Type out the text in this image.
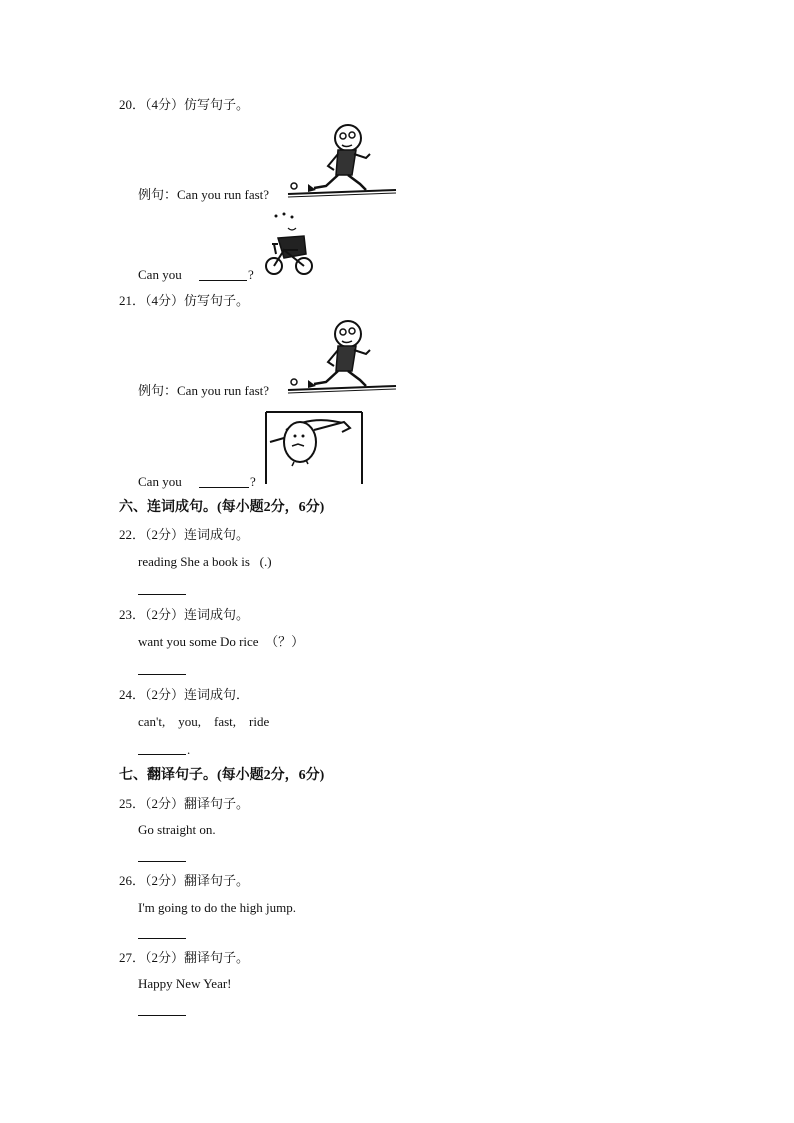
20．（4分）仿写句子。
例句：Can you run fast?
Can you	?
21．（4分）仿写句子。
例句：Can you run fast?
Can you	?
六、连词成句。(每小题2分，6分)
22．（2分）连词成句。
reading She a book is   (.)
23．（2分）连词成句。
want you some Do rice  （？）
24．（2分）连词成句．
can't,    you,    fast,    ride
.
七、翻译句子。(每小题2分，6分)
25．（2分）翻译句子。
Go straight on.
26．（2分）翻译句子。
I'm going to do the high jump.
27．（2分）翻译句子。
Happy New Year!
